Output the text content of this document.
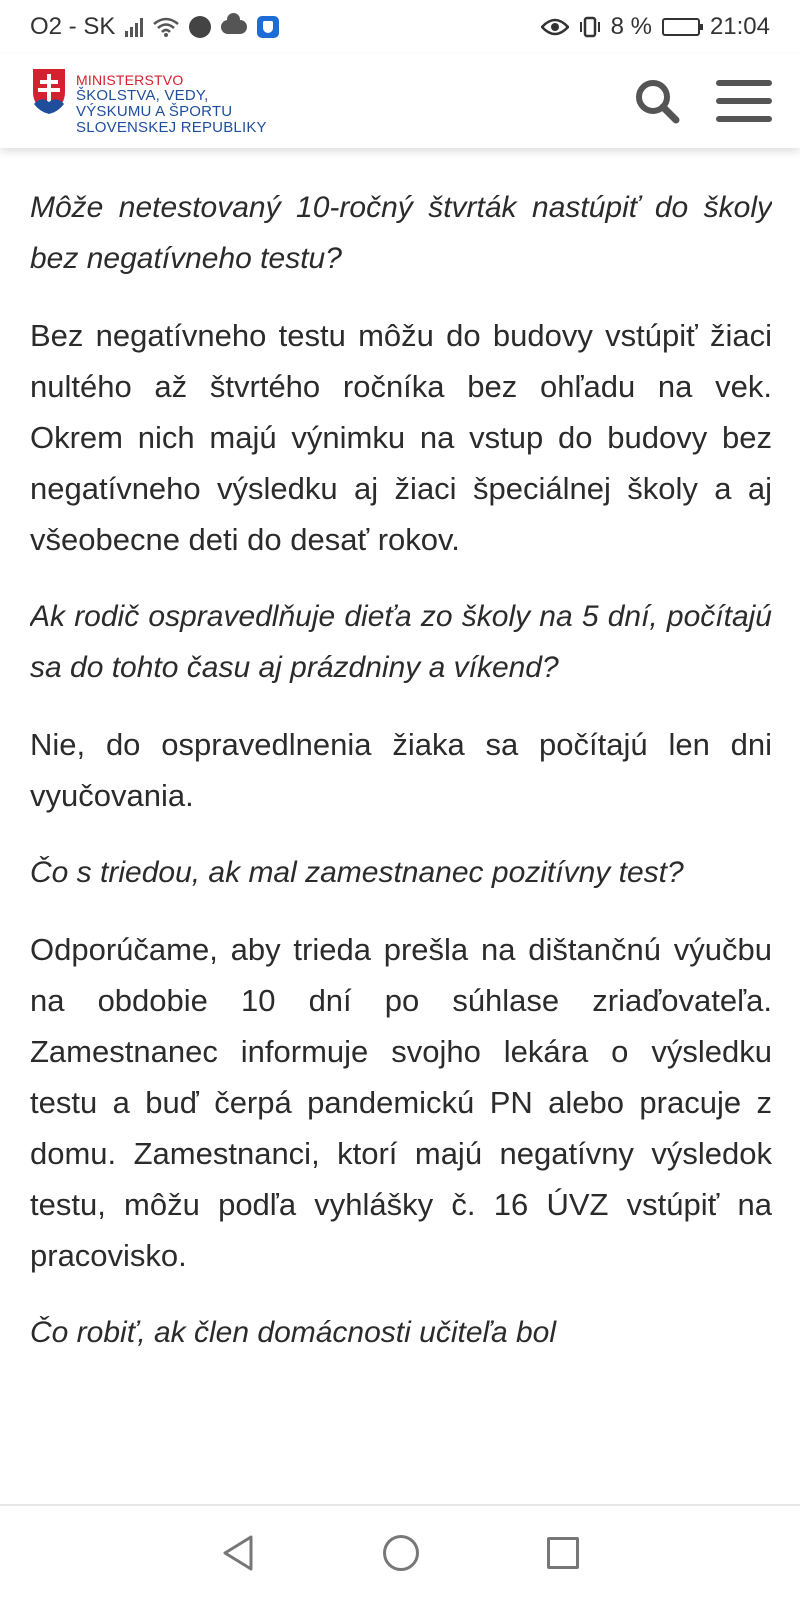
O2 - SK	8 % 21:04
MINISTERSTVO
ŠKOLSTVA, VEDY,
VÝSKUMU A ŠPORTU
SLOVENSKEJ REPUBLIKY

Môže netestovaný 10-ročný štvrták nastúpiť do školy bez negatívneho testu?

Bez negatívneho testu môžu do budovy vstúpiť žiaci nultého až štvrtého ročníka bez ohľadu na vek. Okrem nich majú výnimku na vstup do budovy bez negatívneho výsledku aj žiaci špeciálnej školy a aj všeobecne deti do desať rokov.

Ak rodič ospravedlňuje dieťa zo školy na 5 dní, počítajú sa do tohto času aj prázdniny a víkend?

Nie, do ospravedlnenia žiaka sa počítajú len dni vyučovania.

Čo s triedou, ak mal zamestnanec pozitívny test?

Odporúčame, aby trieda prešla na dištančnú výučbu na obdobie 10 dní po súhlase zriaďovateľa. Zamestnanec informuje svojho lekára o výsledku testu a buď čerpá pandemickú PN alebo pracuje z domu. Zamestnanci, ktorí majú negatívny výsledok testu, môžu podľa vyhlášky č. 16 ÚVZ vstúpiť na pracovisko.

Čo robiť, ak člen domácnosti učiteľa bol
